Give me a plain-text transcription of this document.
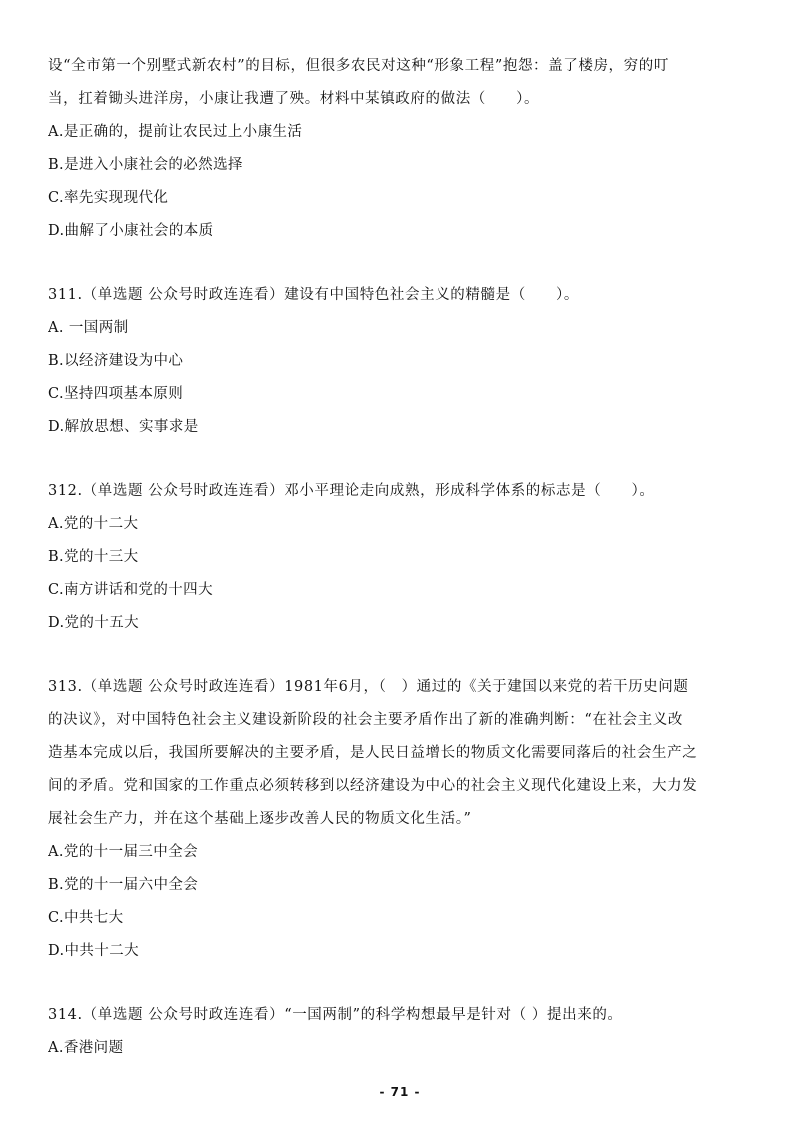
设“全市第一个别墅式新农村”的目标，但很多农民对这种“形象工程”抱怨：盖了楼房，穷的叮
当，扛着锄头进洋房，小康让我遭了殃。材料中某镇政府的做法（　　）。
A.是正确的，提前让农民过上小康生活
B.是进入小康社会的必然选择
C.率先实现现代化
D.曲解了小康社会的本质
311.（单选题 公众号时政连连看）建设有中国特色社会主义的精髓是（　　）。
A. 一国两制
B.以经济建设为中心
C.坚持四项基本原则
D.解放思想、实事求是
312.（单选题 公众号时政连连看）邓小平理论走向成熟，形成科学体系的标志是（　　）。
A.党的十二大
B.党的十三大
C.南方讲话和党的十四大
D.党的十五大
313.（单选题 公众号时政连连看）1981年6月，（　）通过的《关于建国以来党的若干历史问题
的决议》，对中国特色社会主义建设新阶段的社会主要矛盾作出了新的准确判断：“在社会主义改
造基本完成以后，我国所要解决的主要矛盾，是人民日益增长的物质文化需要同落后的社会生产之
间的矛盾。党和国家的工作重点必须转移到以经济建设为中心的社会主义现代化建设上来，大力发
展社会生产力，并在这个基础上逐步改善人民的物质文化生活。”
A.党的十一届三中全会
B.党的十一届六中全会
C.中共七大
D.中共十二大
314.（单选题 公众号时政连连看）“一国两制”的科学构想最早是针对（ ）提出来的。
A.香港问题
- 71 -
